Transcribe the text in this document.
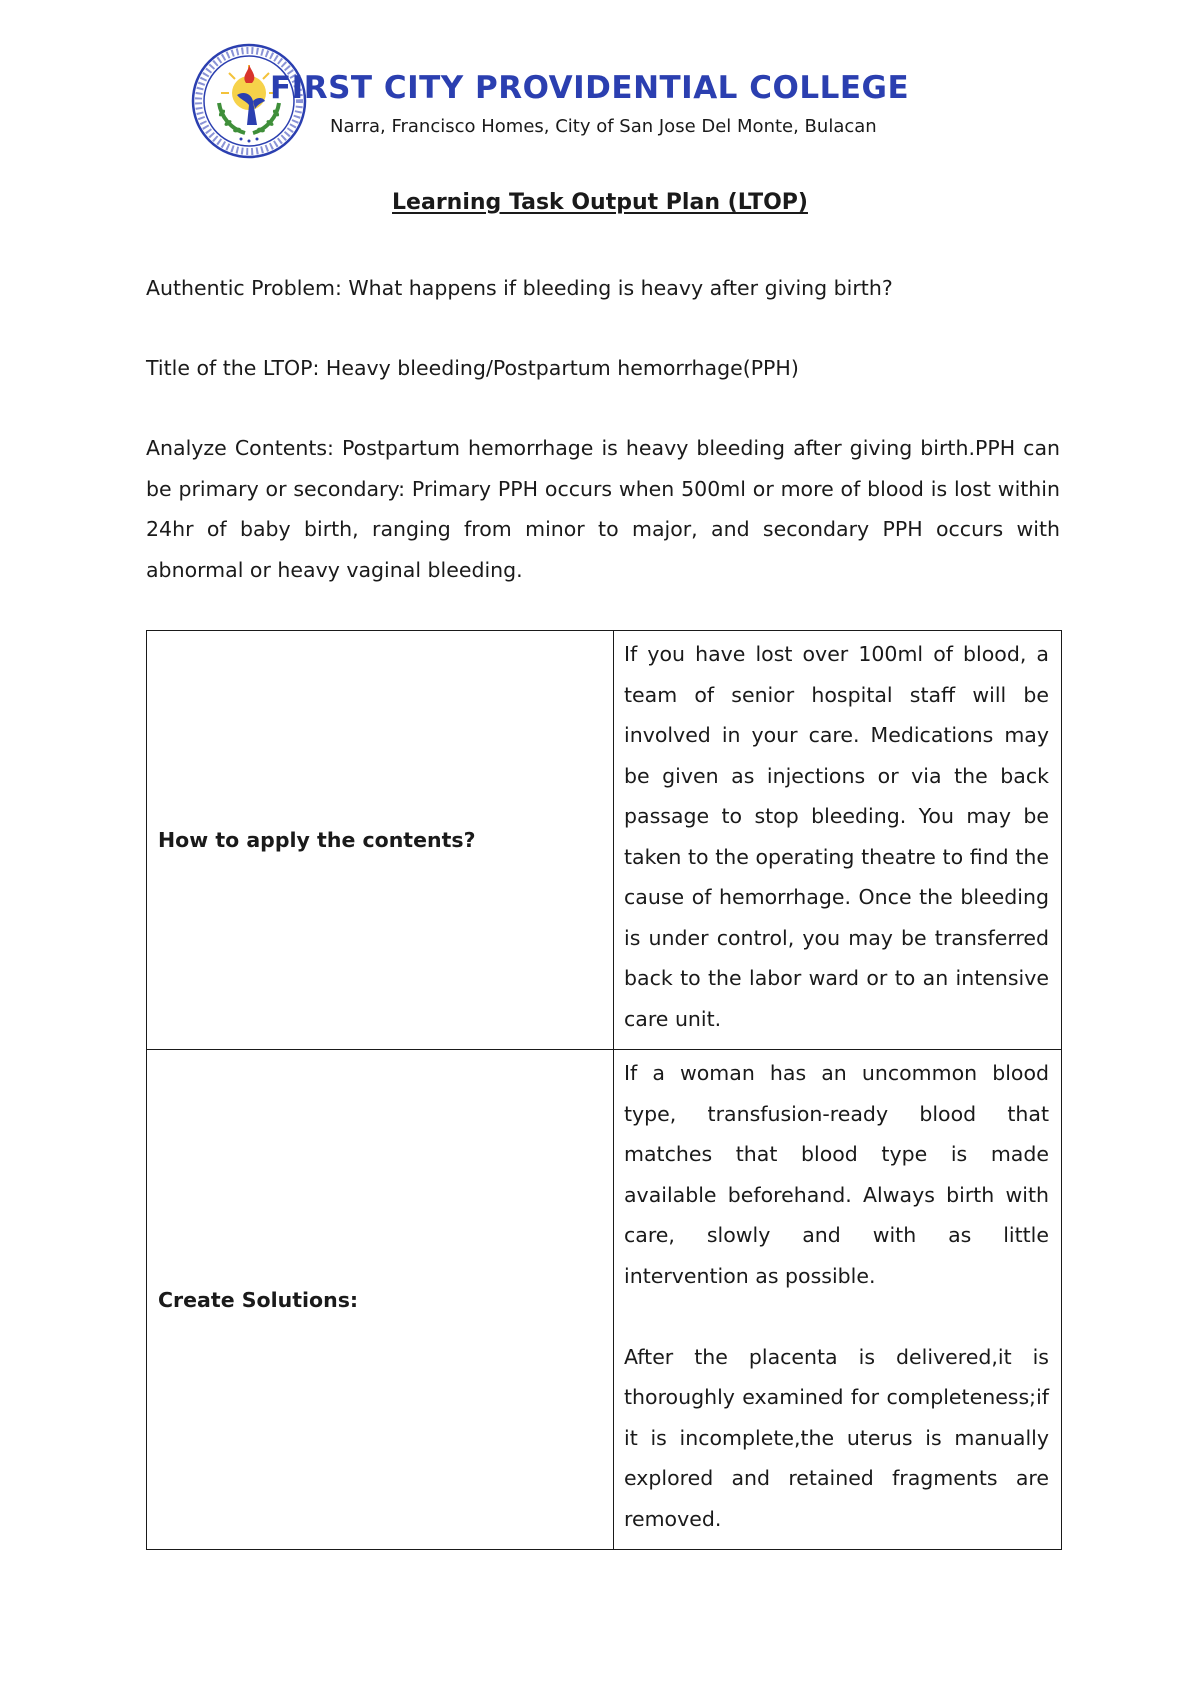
FIRST CITY PROVIDENTIAL COLLEGE
Narra, Francisco Homes, City of San Jose Del Monte, Bulacan
Learning Task Output Plan (LTOP)

Authentic Problem: What happens if bleeding is heavy after giving birth?

Title of the LTOP: Heavy bleeding/Postpartum hemorrhage(PPH)

Analyze Contents: Postpartum hemorrhage is heavy bleeding after giving birth.PPH can be primary or secondary: Primary PPH occurs when 500ml or more of blood is lost within 24hr of baby birth, ranging from minor to major, and secondary PPH occurs with abnormal or heavy vaginal bleeding.

How to apply the contents?	If you have lost over 100ml of blood, a team of senior hospital staff will be involved in your care. Medications may be given as injections or via the back passage to stop bleeding. You may be taken to the operating theatre to find the cause of hemorrhage. Once the bleeding is under control, you may be transferred back to the labor ward or to an intensive care unit.

Create Solutions:	If a woman has an uncommon blood type, transfusion-ready blood that matches that blood type is made available beforehand. Always birth with care, slowly and with as little intervention as possible.

After the placenta is delivered,it is thoroughly examined for completeness;if it is incomplete,the uterus is manually explored and retained fragments are removed.
